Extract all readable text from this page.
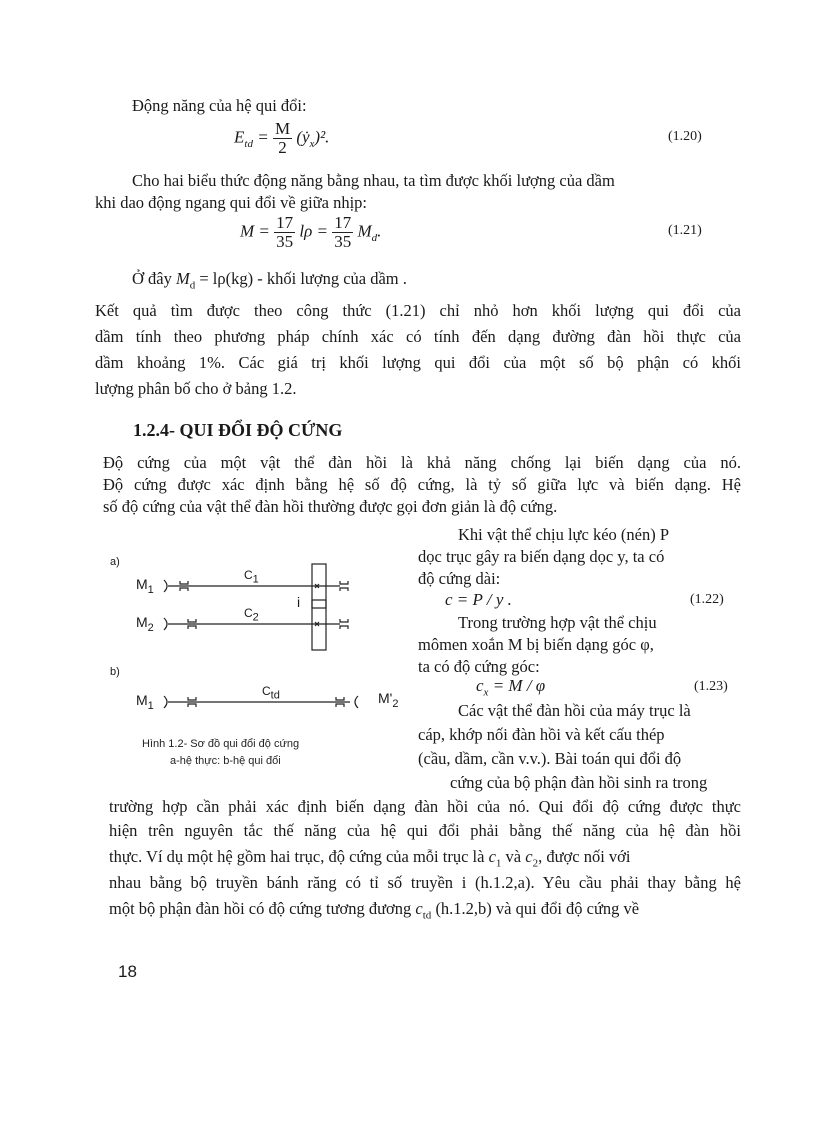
Động năng của hệ qui đổi:
$E_{td} = \frac{M}{2}$ (ẏ$_x$)².	(1.20)
Cho hai biểu thức động năng bằng nhau, ta tìm được khối lượng của dầm
khi dao động ngang qui đổi về giữa nhịp:
$M = \frac{17}{35}$ $l\rho = \frac{17}{35} M_d$.	(1.21)
Ở đây $M_d = l\rho(kg)$ - khối lượng của dầm .
Kết quả tìm được theo công thức (1.21) chỉ nhỏ hơn khối lượng qui đổi của
dầm tính theo phương pháp chính xác có tính đến dạng đường đàn hồi thực của
dầm khoảng 1%. Các giá trị khối lượng qui đổi của một số bộ phận có khối
lượng phân bố cho ở bảng 1.2.
1.2.4- QUI ĐỔI ĐỘ CỨNG
Độ cứng của một vật thể đàn hồi là khả năng chống lại biến dạng của nó.
Độ cứng được xác định bằng hệ số độ cứng, là tỷ số giữa lực và biến dạng. Hệ
số độ cứng của vật thể đàn hồi thường được gọi đơn giản là độ cứng.
Khi vật thể chịu lực kéo (nén) P
dọc trục gây ra biến dạng dọc y, ta có
độ cứng dài:
c = P / y .	(1.22)
Trong trường hợp vật thể chịu
mômen xoắn M bị biến dạng góc φ,
ta có độ cứng góc:
$c_x = M / \varphi$	(1.23)
Các vật thể đàn hồi của máy trục là
cáp, khớp nối đàn hồi và kết cấu thép
(cầu, dầm, cần v.v.). Bài toán qui đổi độ
cứng của bộ phận đàn hồi sinh ra trong
a)
b)
$M_1$
$M_2$
$M_1$
$C_1$
$C_2$
$C_{td}$
i
$M'_2$
Hình 1.2- Sơ đồ qui đổi độ cứng
a-hệ thực: b-hệ qui đổi
trường hợp cần phải xác định biến dạng đàn hồi của nó. Qui đổi độ cứng được thực
hiện trên nguyên tắc thế năng của hệ qui đổi phải bằng thế năng của hệ đàn hồi
thực. Ví dụ một hệ gồm hai trục, độ cứng của mỗi trục là $c_1$ và $c_2$, được nối với
nhau bằng bộ truyền bánh răng có tỉ số truyền i (h.1.2,a). Yêu cầu phải thay bằng hệ
một bộ phận đàn hồi có độ cứng tương đương $c_{td}$ (h.1.2,b) và qui đổi độ cứng về
18
